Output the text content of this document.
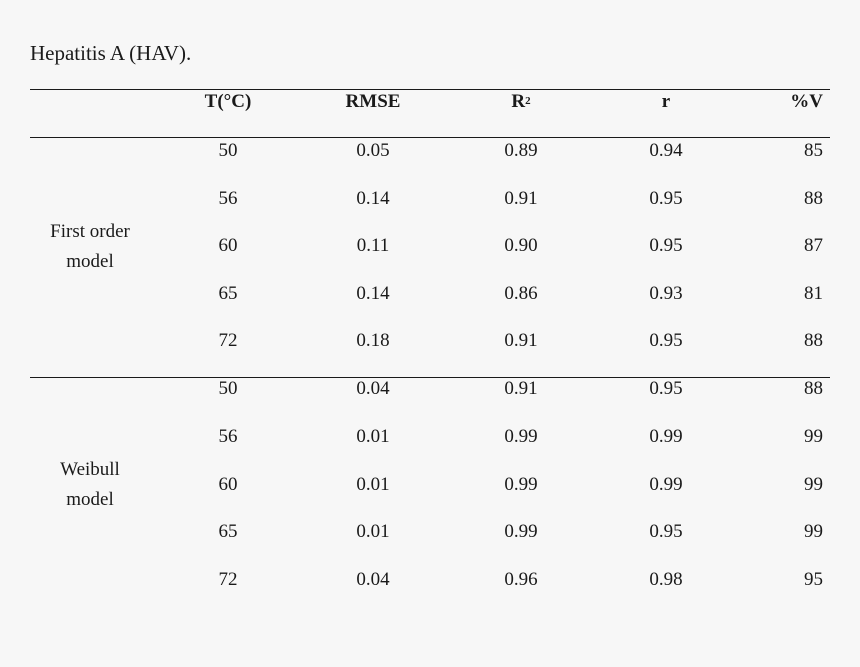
Hepatitis A (HAV).
T(°C)	RMSE	$R^2$	r	%V
First order
model
50	0.05	0.89	0.94	85
56	0.14	0.91	0.95	88
60	0.11	0.90	0.95	87
65	0.14	0.86	0.93	81
72	0.18	0.91	0.95	88
Weibull
model
50	0.04	0.91	0.95	88
56	0.01	0.99	0.99	99
60	0.01	0.99	0.99	99
65	0.01	0.99	0.95	99
72	0.04	0.96	0.98	95
